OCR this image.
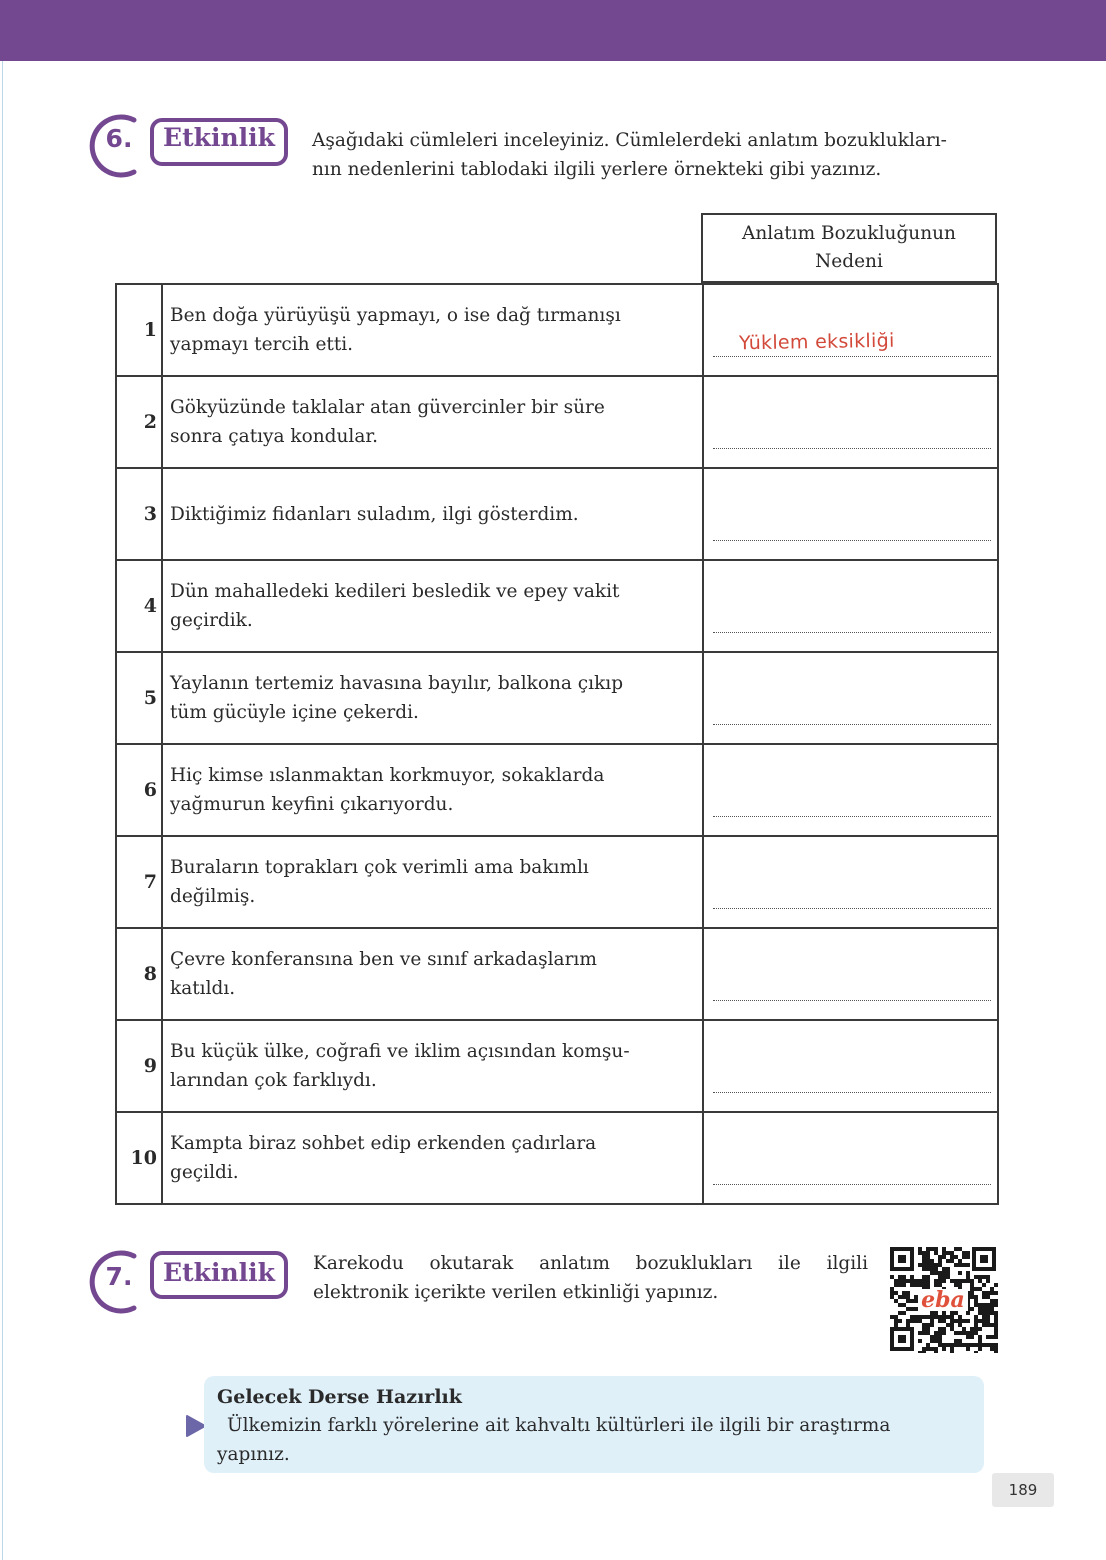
6.	Etkinlik	Aşağıdaki cümleleri inceleyiniz. Cümlelerdeki anlatım bozuklukları-
nın nedenlerini tablodaki ilgili yerlere örnekteki gibi yazınız.
Anlatım Bozukluğunun
Nedeni
1
Ben doğa yürüyüşü yapmayı, o ise dağ tırmanışı
yapmayı tercih etti.	Yüklem eksikliği
2
Gökyüzünde taklalar atan güvercinler bir süre
sonra çatıya kondular.
3 Diktiğimiz fidanları suladım, ilgi gösterdim.
4
Dün mahalledeki kedileri besledik ve epey vakit
geçirdik.
5
Yaylanın tertemiz havasına bayılır, balkona çıkıp
tüm gücüyle içine çekerdi.
6
Hiç kimse ıslanmaktan korkmuyor, sokaklarda
yağmurun keyfini çıkarıyordu.
7
Buraların toprakları çok verimli ama bakımlı
değilmiş.
8
Çevre konferansına ben ve sınıf arkadaşlarım
katıldı.
9
Bu küçük ülke, coğrafi ve iklim açısından komşu-
larından çok farklıydı.
10
Kampta biraz sohbet edip erkenden çadırlara
geçildi.
7.	Etkinlik	Karekodu okutarak anlatım bozuklukları ile ilgili
elektronik içerikte verilen etkinliği yapınız.	eba
Gelecek Derse Hazırlık
Ülkemizin farklı yörelerine ait kahvaltı kültürleri ile ilgili bir araştırma
yapınız.
189
